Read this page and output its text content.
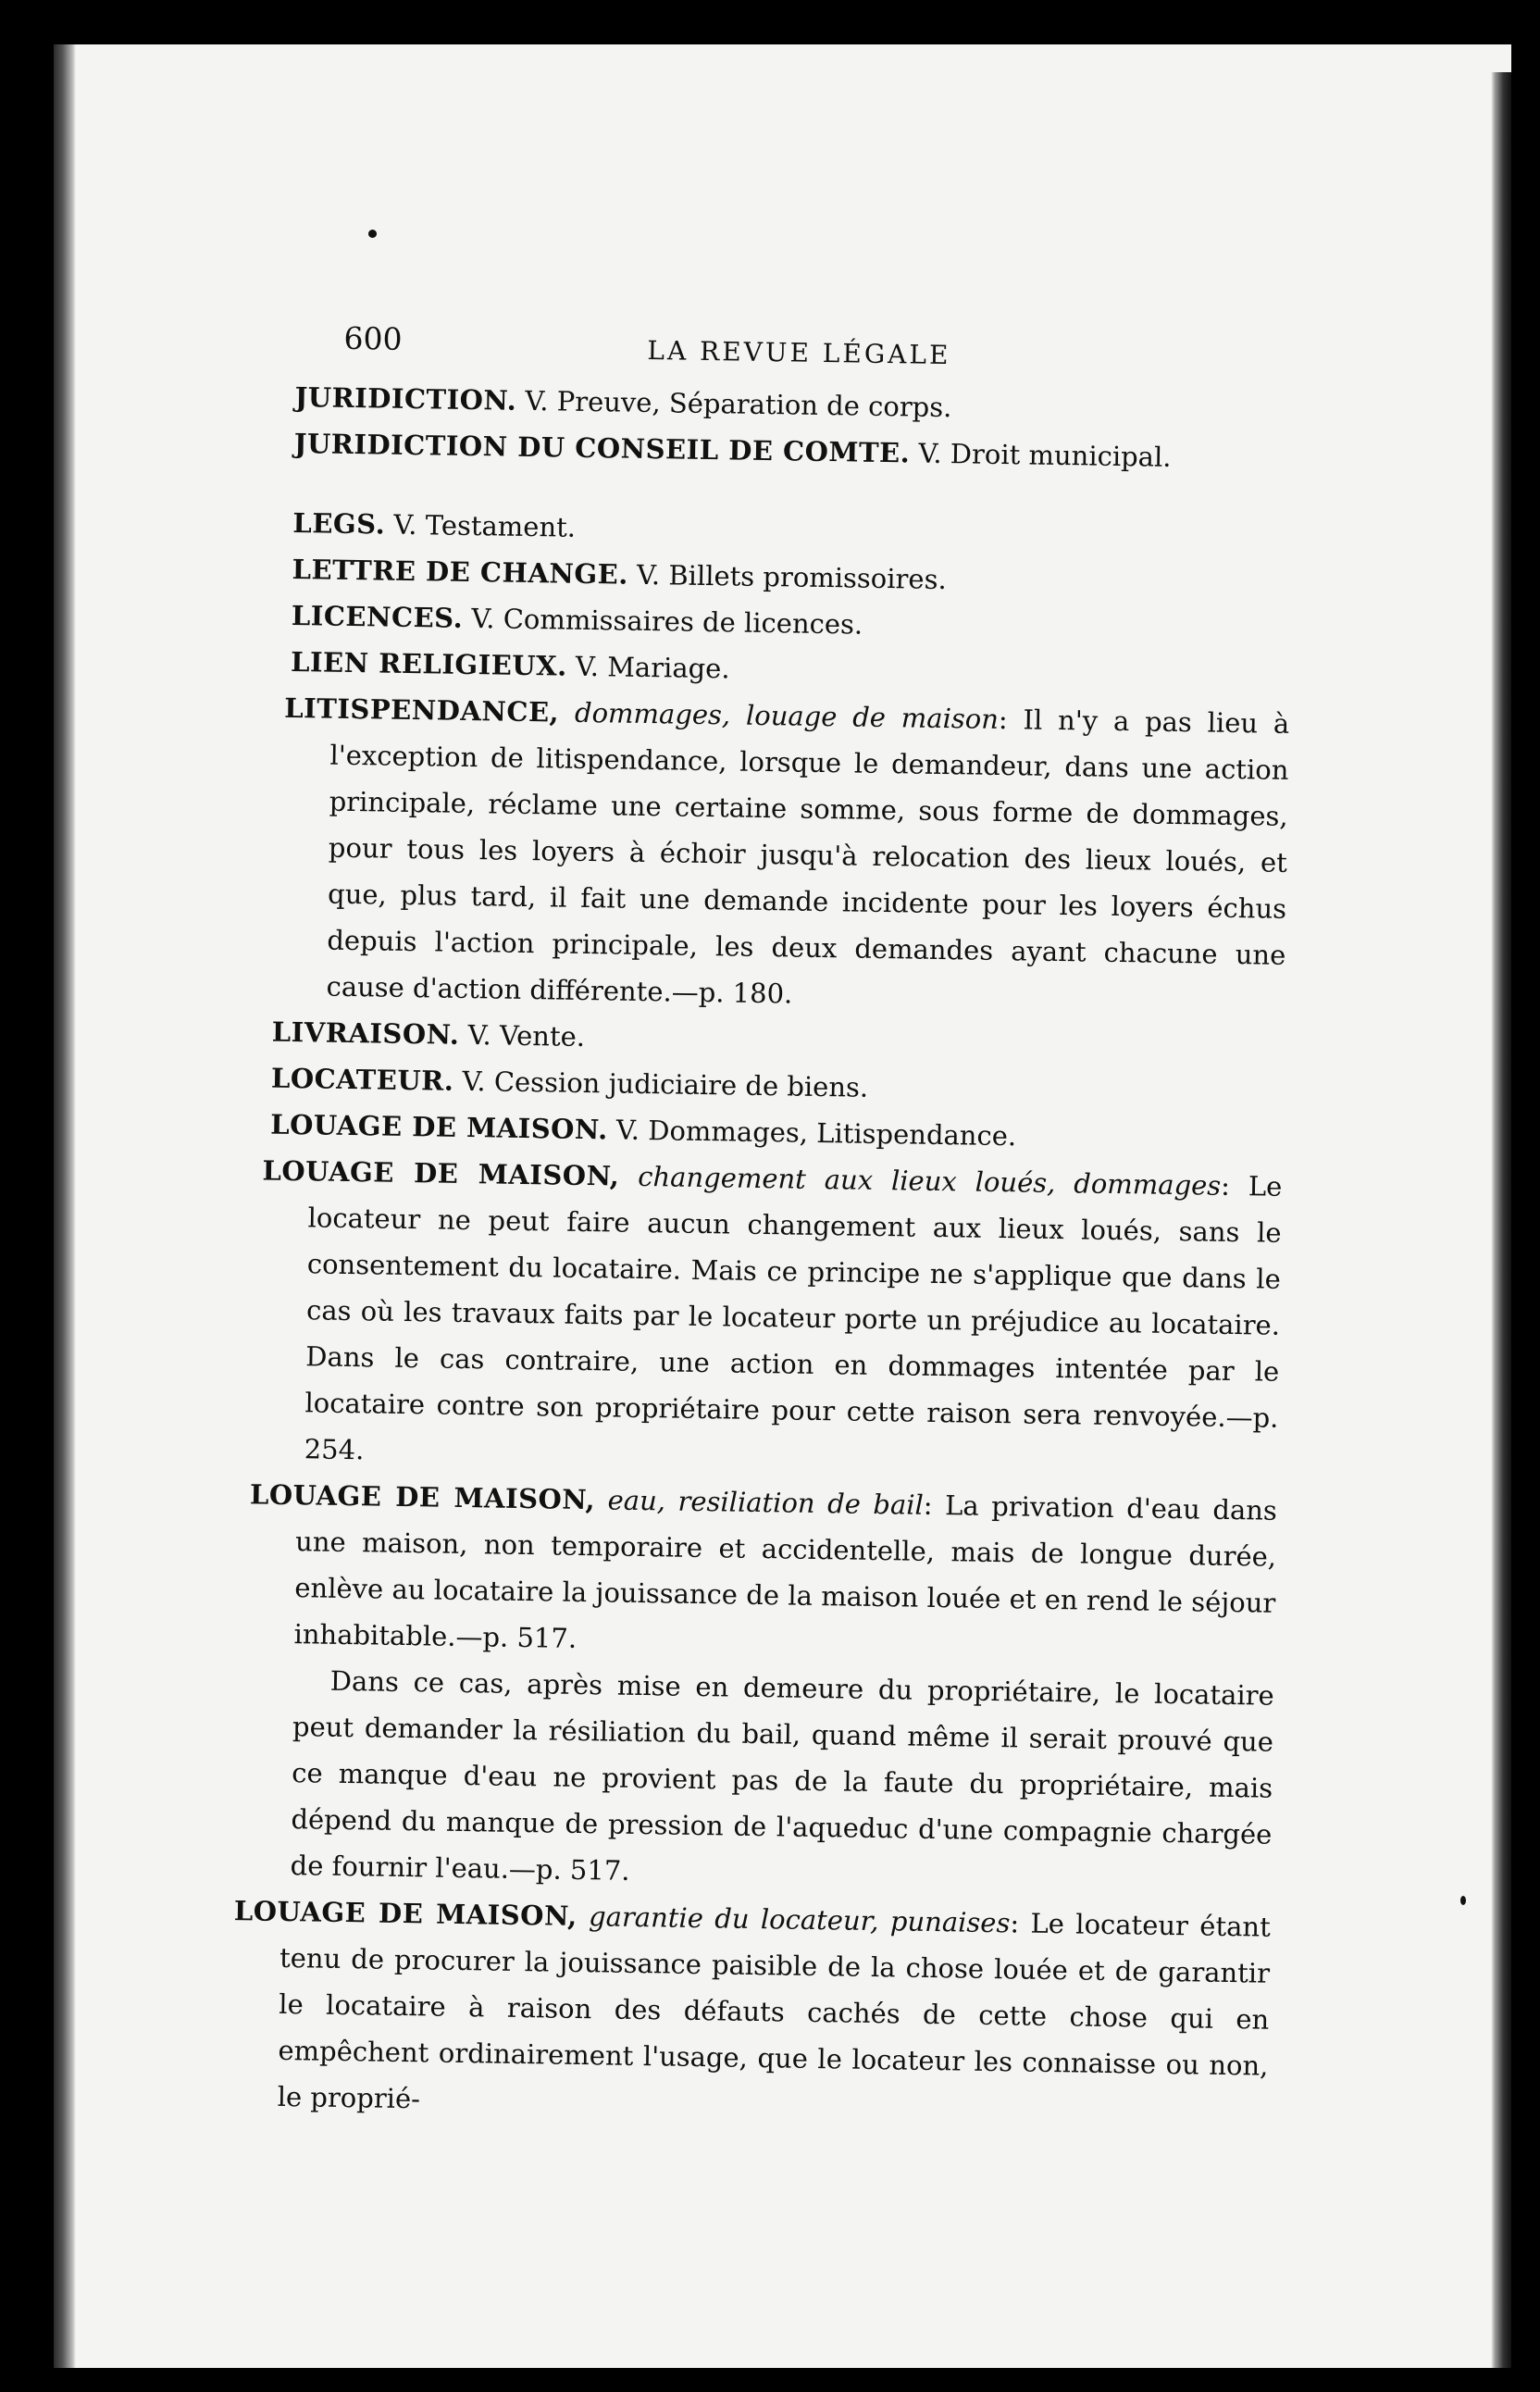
600	LA REVUE LÉGALE

JURIDICTION. V. Preuve, Séparation de corps.

JURIDICTION DU CONSEIL DE COMTE. V. Droit municipal.

LEGS. V. Testament.

LETTRE DE CHANGE. V. Billets promissoires.

LICENCES. V. Commissaires de licences.

LIEN RELIGIEUX. V. Mariage.

LITISPENDANCE, dommages, louage de maison: Il n'y a pas lieu à l'exception de litispendance, lorsque le demandeur, dans une action principale, réclame une certaine somme, sous forme de dommages, pour tous les loyers à échoir jusqu'à relocation des lieux loués, et que, plus tard, il fait une demande incidente pour les loyers échus depuis l'action principale, les deux demandes ayant chacune une cause d'action différente.—p. 180.

LIVRAISON. V. Vente.

LOCATEUR. V. Cession judiciaire de biens.

LOUAGE DE MAISON. V. Dommages, Litispendance.

LOUAGE DE MAISON, changement aux lieux loués, dommages: Le locateur ne peut faire aucun changement aux lieux loués, sans le consentement du locataire. Mais ce principe ne s'applique que dans le cas où les travaux faits par le locateur porte un préjudice au locataire. Dans le cas contraire, une action en dommages intentée par le locataire contre son propriétaire pour cette raison sera renvoyée.—p. 254.

LOUAGE DE MAISON, eau, resiliation de bail: La privation d'eau dans une maison, non temporaire et accidentelle, mais de longue durée, enlève au locataire la jouissance de la maison louée et en rend le séjour inhabitable.—p. 517.

Dans ce cas, après mise en demeure du propriétaire, le locataire peut demander la résiliation du bail, quand même il serait prouvé que ce manque d'eau ne provient pas de la faute du propriétaire, mais dépend du manque de pression de l'aqueduc d'une compagnie chargée de fournir l'eau.—p. 517.

LOUAGE DE MAISON, garantie du locateur, punaises: Le locateur étant tenu de procurer la jouissance paisible de la chose louée et de garantir le locataire à raison des défauts cachés de cette chose qui en empêchent ordinairement l'usage, que le locateur les connaisse ou non, le proprié-
